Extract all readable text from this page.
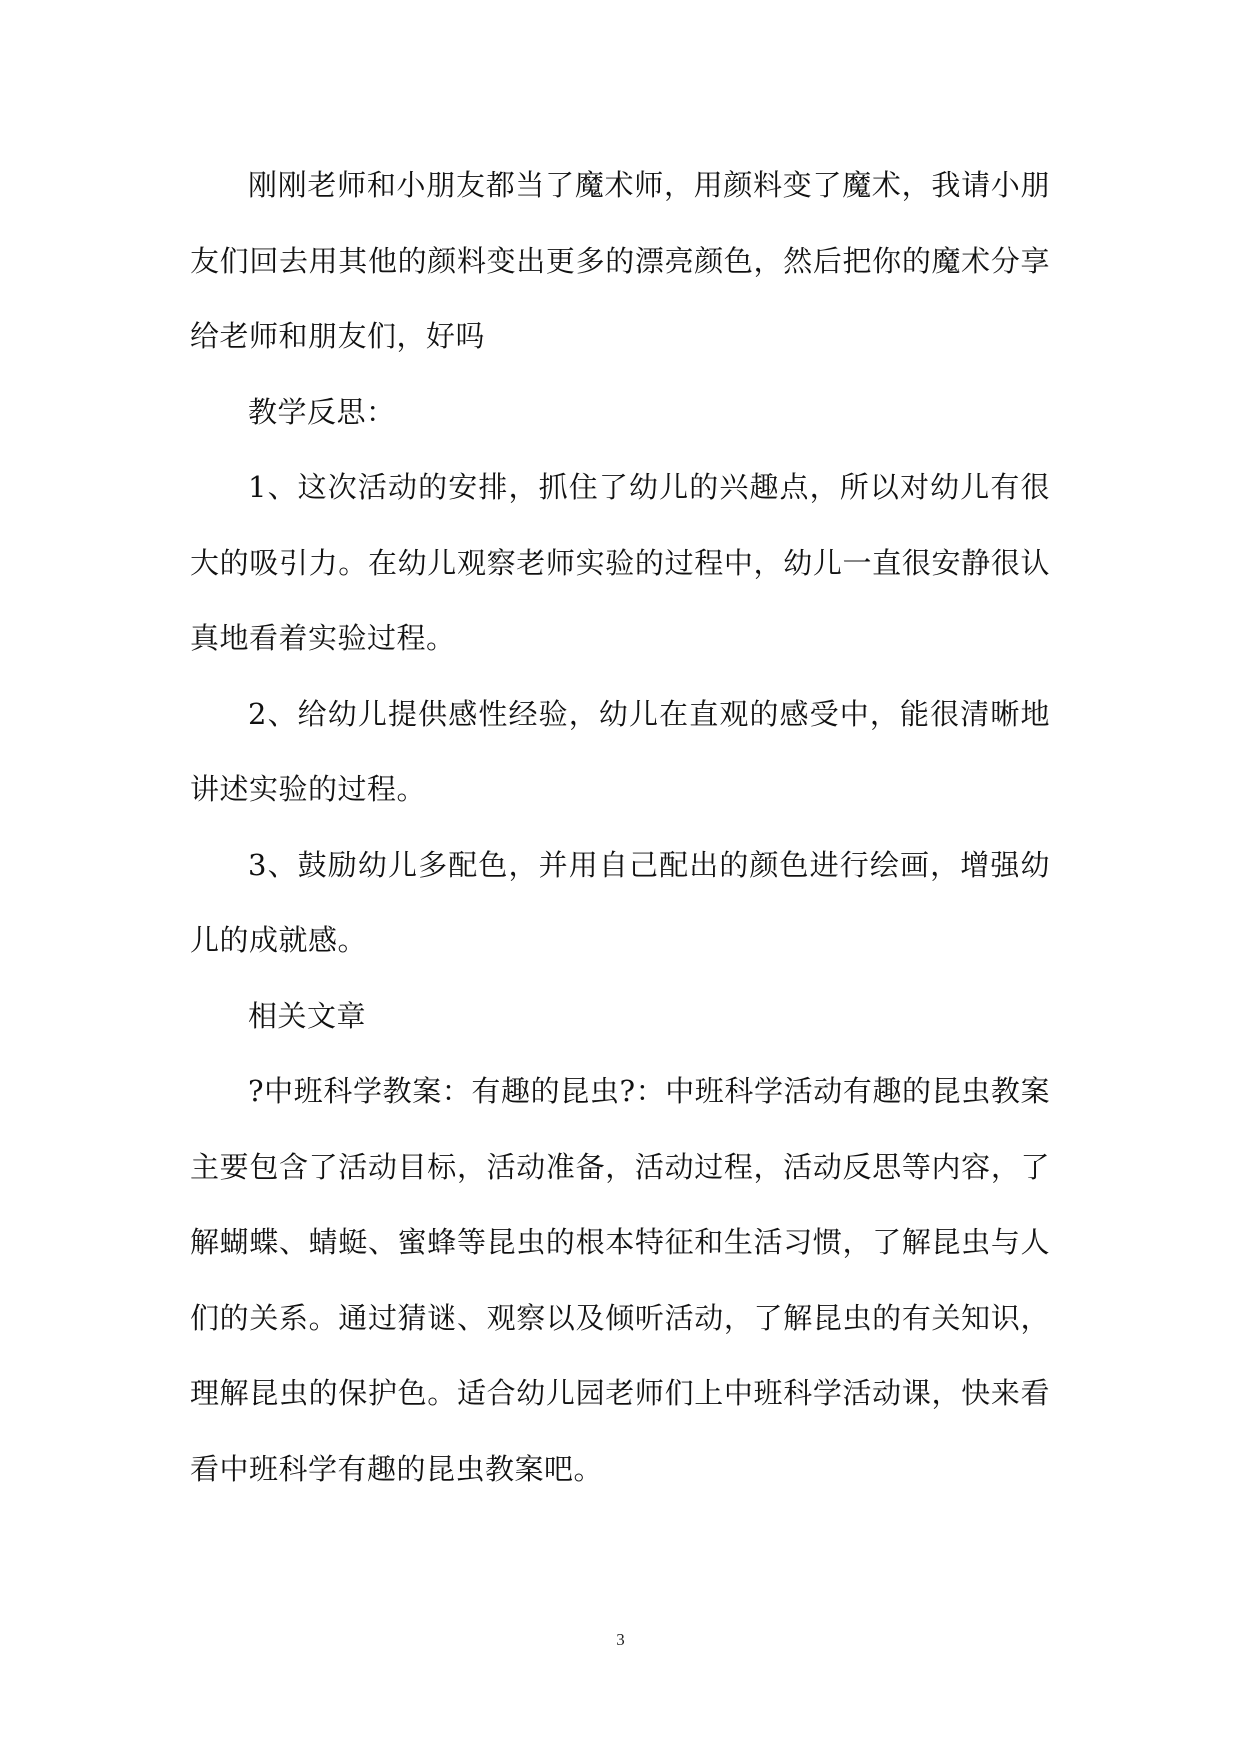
刚刚老师和小朋友都当了魔术师，用颜料变了魔术，我请小朋友们回去用其他的颜料变出更多的漂亮颜色，然后把你的魔术分享给老师和朋友们，好吗

教学反思：

1、这次活动的安排，抓住了幼儿的兴趣点，所以对幼儿有很大的吸引力。在幼儿观察老师实验的过程中，幼儿一直很安静很认真地看着实验过程。

2、给幼儿提供感性经验，幼儿在直观的感受中，能很清晰地讲述实验的过程。

3、鼓励幼儿多配色，并用自己配出的颜色进行绘画，增强幼儿的成就感。

相关文章

?中班科学教案：有趣的昆虫?：中班科学活动有趣的昆虫教案主要包含了活动目标，活动准备，活动过程，活动反思等内容，了解蝴蝶、蜻蜓、蜜蜂等昆虫的根本特征和生活习惯，了解昆虫与人们的关系。通过猜谜、观察以及倾听活动，了解昆虫的有关知识，理解昆虫的保护色。适合幼儿园老师们上中班科学活动课，快来看看中班科学有趣的昆虫教案吧。

3
